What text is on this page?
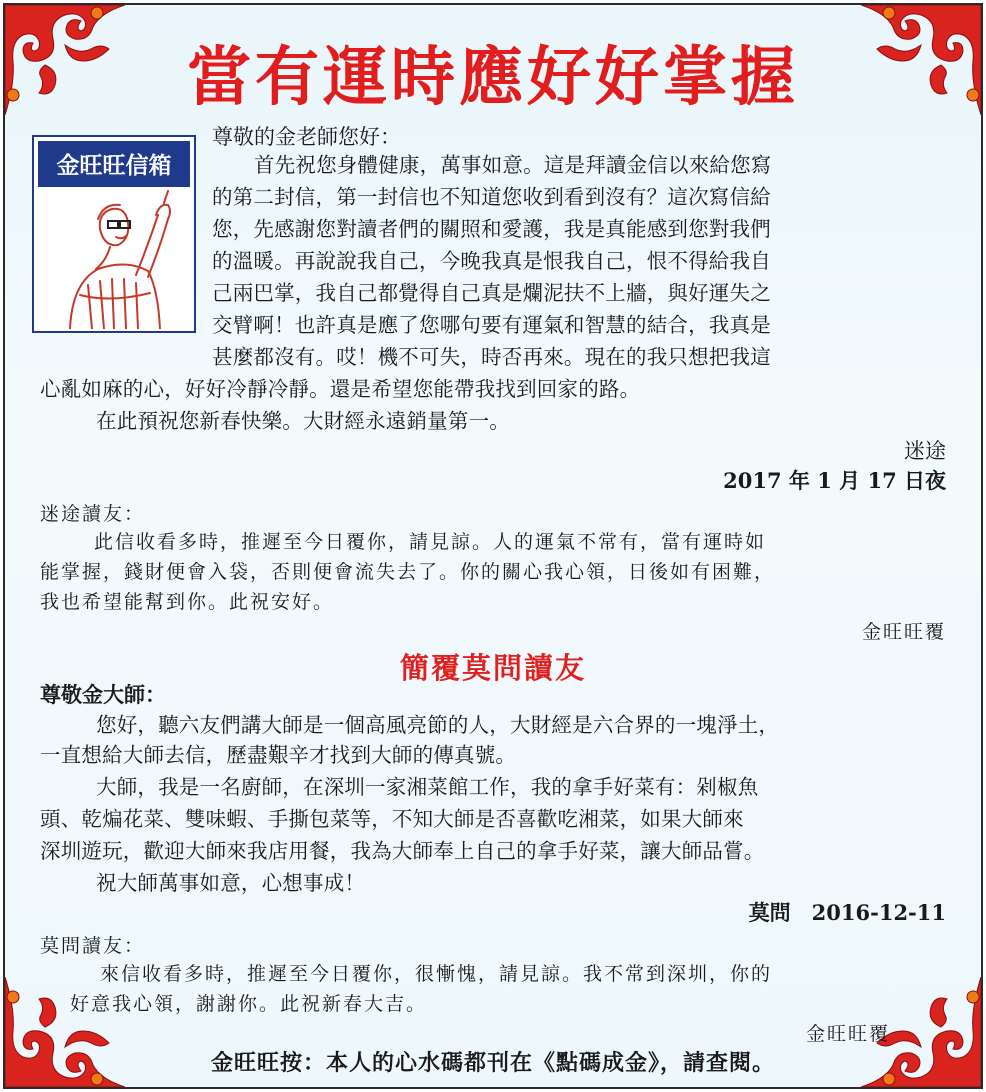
當有運時應好好掌握
金旺旺信箱
尊敬的金老師您好：
首先祝您身體健康，萬事如意。這是拜讀金信以來給您寫
的第二封信，第一封信也不知道您收到看到沒有？這次寫信給
您，先感謝您對讀者們的關照和愛護，我是真能感到您對我們
的溫暖。再說說我自己，今晚我真是恨我自己，恨不得給我自
己兩巴掌，我自己都覺得自己真是爛泥扶不上牆，與好運失之
交臂啊！也許真是應了您哪句要有運氣和智慧的結合，我真是
甚麼都沒有。哎！機不可失，時否再來。現在的我只想把我這
心亂如麻的心，好好冷靜冷靜。還是希望您能帶我找到回家的路。
在此預祝您新春快樂。大財經永遠銷量第一。
迷途
2017 年 1 月 17 日夜
迷途讀友：
此信收看多時，推遲至今日覆你，請見諒。人的運氣不常有，當有運時如
能掌握，錢財便會入袋，否則便會流失去了。你的關心我心領，日後如有困難，
我也希望能幫到你。此祝安好。
金旺旺覆
簡覆莫問讀友
尊敬金大師：
您好，聽六友們講大師是一個高風亮節的人，大財經是六合界的一塊淨土，
一直想給大師去信，歷盡艱辛才找到大師的傳真號。
大師，我是一名廚師，在深圳一家湘菜館工作，我的拿手好菜有：剁椒魚
頭、乾煸花菜、雙味蝦、手撕包菜等，不知大師是否喜歡吃湘菜，如果大師來
深圳遊玩，歡迎大師來我店用餐，我為大師奉上自己的拿手好菜，讓大師品嘗。
祝大師萬事如意，心想事成！
莫問　2016-12-11
莫問讀友：
來信收看多時，推遲至今日覆你，很慚愧，請見諒。我不常到深圳，你的
好意我心領，謝謝你。此祝新春大吉。
金旺旺覆
金旺旺按：本人的心水碼都刊在《點碼成金》，請查閱。
